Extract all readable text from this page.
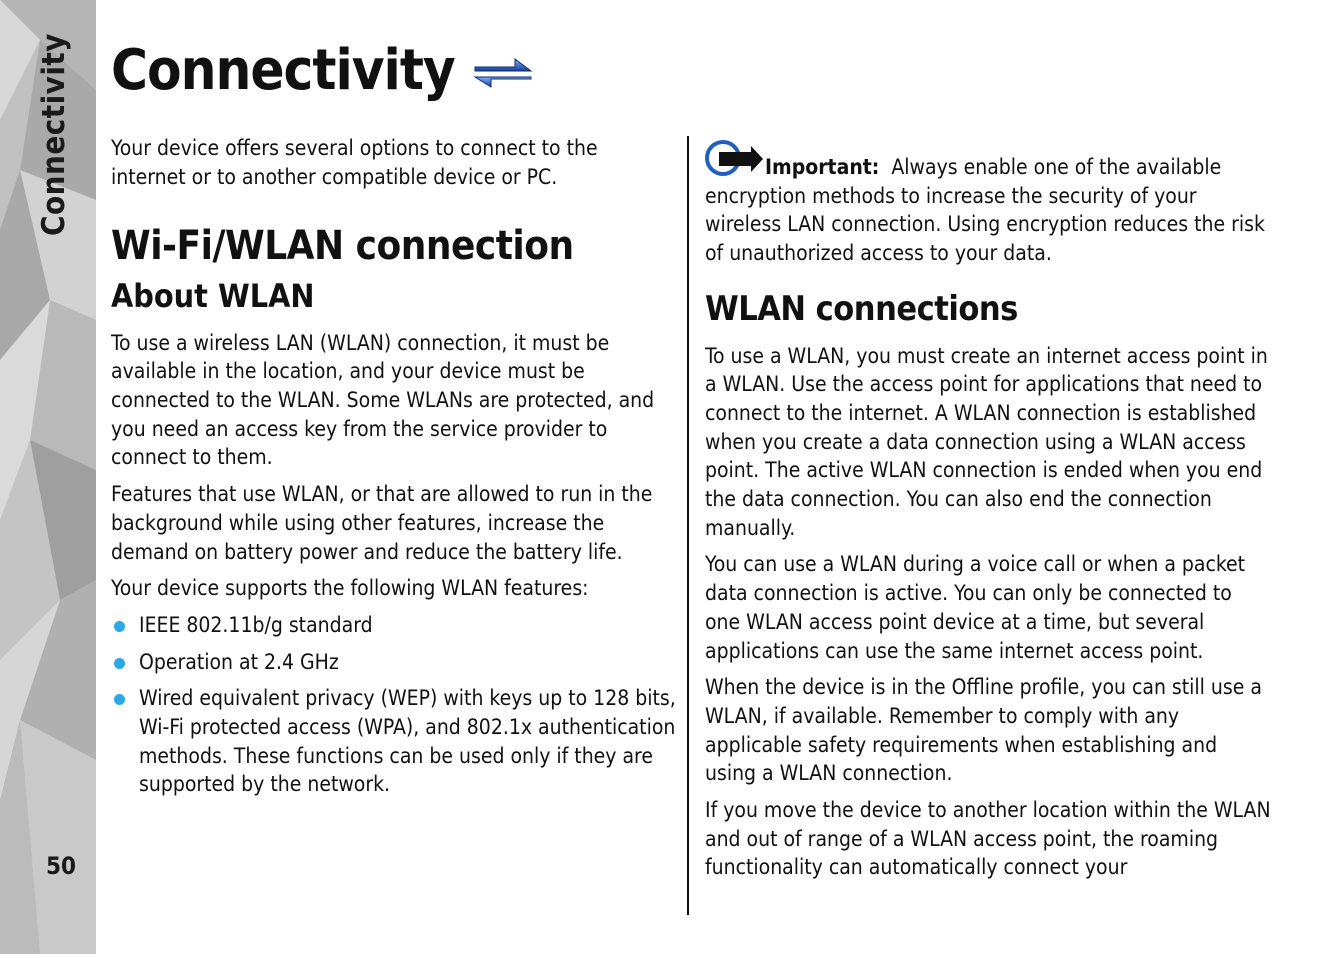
Connectivity
50
Connectivity

Your device offers several options to connect to the internet or to another compatible device or PC.

Wi-Fi/WLAN connection
About WLAN

To use a wireless LAN (WLAN) connection, it must be available in the location, and your device must be connected to the WLAN. Some WLANs are protected, and you need an access key from the service provider to connect to them.

Features that use WLAN, or that are allowed to run in the background while using other features, increase the demand on battery power and reduce the battery life.

Your device supports the following WLAN features:

IEEE 802.11b/g standard
Operation at 2.4 GHz
Wired equivalent privacy (WEP) with keys up to 128 bits, Wi-Fi protected access (WPA), and 802.1x authentication methods. These functions can be used only if they are supported by the network.

Important: Always enable one of the available encryption methods to increase the security of your wireless LAN connection. Using encryption reduces the risk of unauthorized access to your data.

WLAN connections

To use a WLAN, you must create an internet access point in a WLAN. Use the access point for applications that need to connect to the internet. A WLAN connection is established when you create a data connection using a WLAN access point. The active WLAN connection is ended when you end the data connection. You can also end the connection manually.

You can use a WLAN during a voice call or when a packet data connection is active. You can only be connected to one WLAN access point device at a time, but several applications can use the same internet access point.

When the device is in the Offline profile, you can still use a WLAN, if available. Remember to comply with any applicable safety requirements when establishing and using a WLAN connection.

If you move the device to another location within the WLAN and out of range of a WLAN access point, the roaming functionality can automatically connect your
